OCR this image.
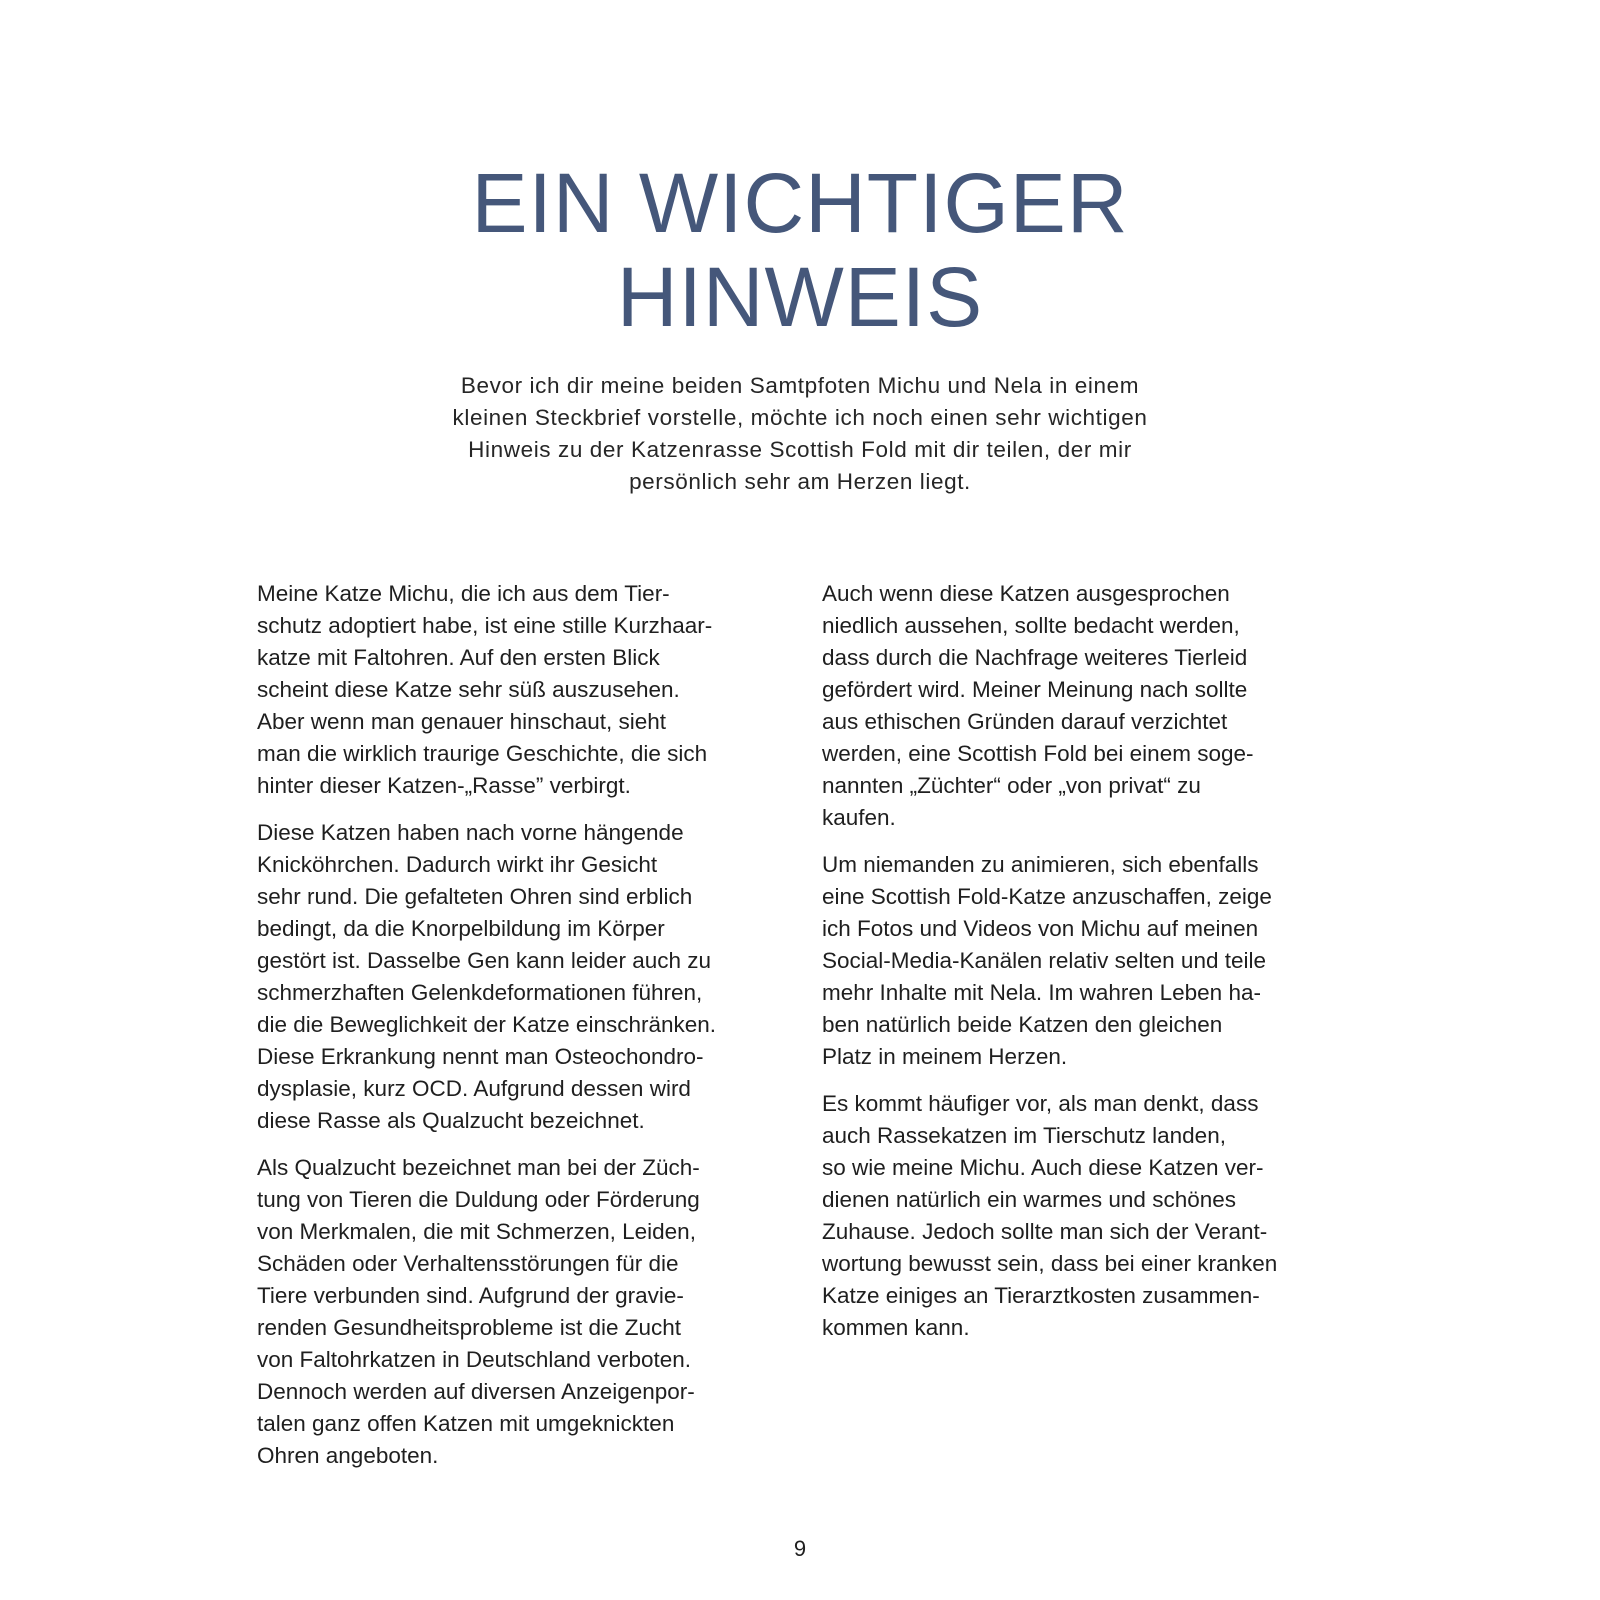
EIN WICHTIGER
HINWEIS
Bevor ich dir meine beiden Samtpfoten Michu und Nela in einem
kleinen Steckbrief vorstelle, möchte ich noch einen sehr wichtigen
Hinweis zu der Katzenrasse Scottish Fold mit dir teilen, der mir
persönlich sehr am Herzen liegt.

Meine Katze Michu, die ich aus dem Tier-
schutz adoptiert habe, ist eine stille Kurzhaar-
katze mit Faltohren. Auf den ersten Blick
scheint diese Katze sehr süß auszusehen.
Aber wenn man genauer hinschaut, sieht
man die wirklich traurige Geschichte, die sich
hinter dieser Katzen-„Rasse” verbirgt.

Diese Katzen haben nach vorne hängende
Knicköhrchen. Dadurch wirkt ihr Gesicht
sehr rund. Die gefalteten Ohren sind erblich
bedingt, da die Knorpelbildung im Körper
gestört ist. Dasselbe Gen kann leider auch zu
schmerzhaften Gelenkdeformationen führen,
die die Beweglichkeit der Katze einschränken.
Diese Erkrankung nennt man Osteochondro-
dysplasie, kurz OCD. Aufgrund dessen wird
diese Rasse als Qualzucht bezeichnet.

Als Qualzucht bezeichnet man bei der Züch-
tung von Tieren die Duldung oder Förderung
von Merkmalen, die mit Schmerzen, Leiden,
Schäden oder Verhaltensstörungen für die
Tiere verbunden sind. Aufgrund der gravie-
renden Gesundheitsprobleme ist die Zucht
von Faltohrkatzen in Deutschland verboten.
Dennoch werden auf diversen Anzeigenpor-
talen ganz offen Katzen mit umgeknickten
Ohren angeboten.

Auch wenn diese Katzen ausgesprochen
niedlich aussehen, sollte bedacht werden,
dass durch die Nachfrage weiteres Tierleid
gefördert wird. Meiner Meinung nach sollte
aus ethischen Gründen darauf verzichtet
werden, eine Scottish Fold bei einem soge-
nannten „Züchter“ oder „von privat“ zu
kaufen.

Um niemanden zu animieren, sich ebenfalls
eine Scottish Fold-Katze anzuschaffen, zeige
ich Fotos und Videos von Michu auf meinen
Social-Media-Kanälen relativ selten und teile
mehr Inhalte mit Nela. Im wahren Leben ha-
ben natürlich beide Katzen den gleichen
Platz in meinem Herzen.

Es kommt häufiger vor, als man denkt, dass
auch Rassekatzen im Tierschutz landen,
so wie meine Michu. Auch diese Katzen ver-
dienen natürlich ein warmes und schönes
Zuhause. Jedoch sollte man sich der Verant-
wortung bewusst sein, dass bei einer kranken
Katze einiges an Tierarztkosten zusammen-
kommen kann.

9
